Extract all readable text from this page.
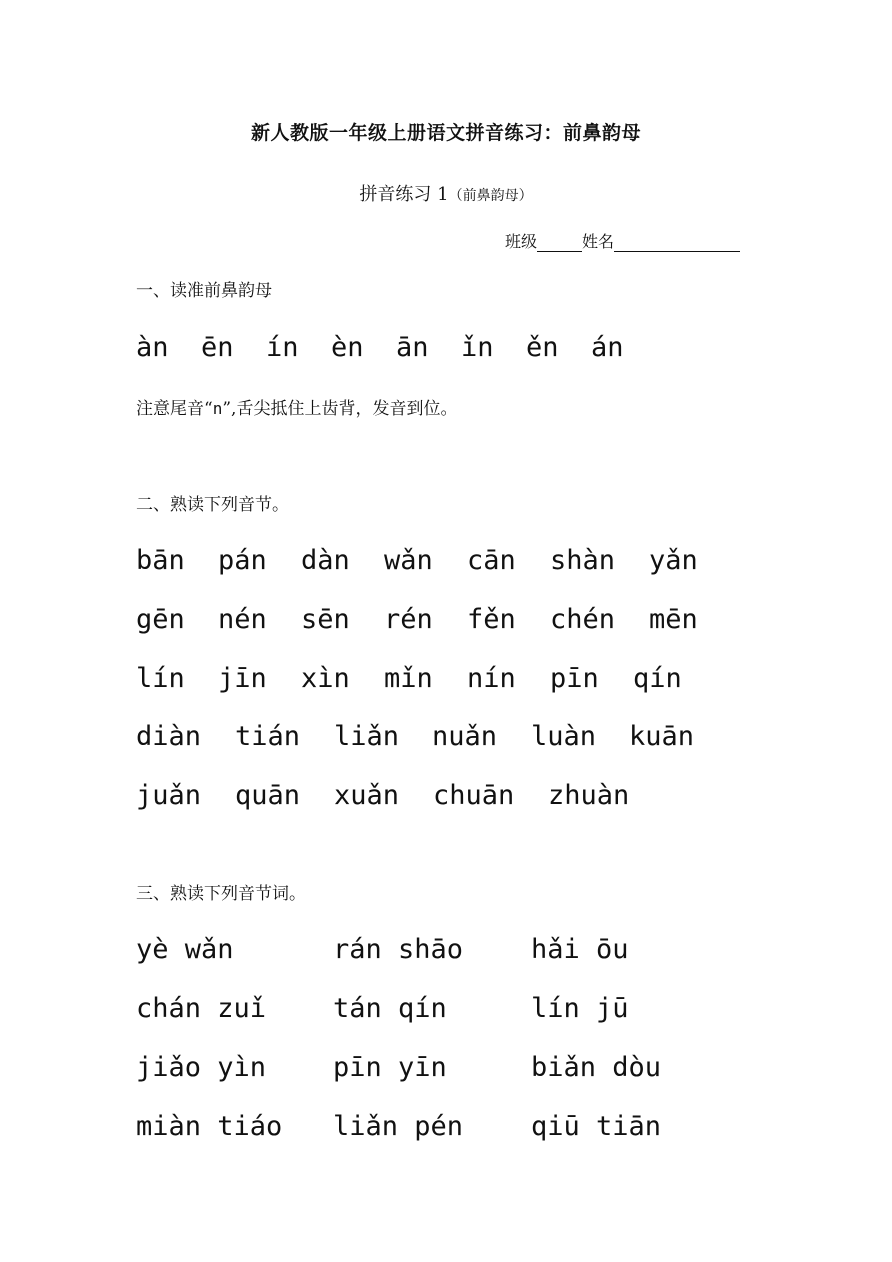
新人教版一年级上册语文拼音练习：前鼻韵母
拼音练习 1（前鼻韵母）
班级	姓名
一、读准前鼻韵母
àn	ēn	ín	èn	ān	ǐn	ěn	án
注意尾音“n”,舌尖抵住上齿背，发音到位。
二、熟读下列音节。
bān	pán	dàn	wǎn	cān	shàn	yǎn
gēn	nén	sēn	rén	fěn	chén	mēn
lín	jīn	xìn	mǐn	nín	pīn	qín
diàn	tián	liǎn	nuǎn	luàn	kuān
juǎn	quān	xuǎn	chuān	zhuàn
三、熟读下列音节词。
yè wǎn	rán shāo	hǎi ōu
chán zuǐ	tán qín	lín jū
jiǎo yìn	pīn yīn	biǎn dòu
miàn tiáo	liǎn pén	qiū tiān
